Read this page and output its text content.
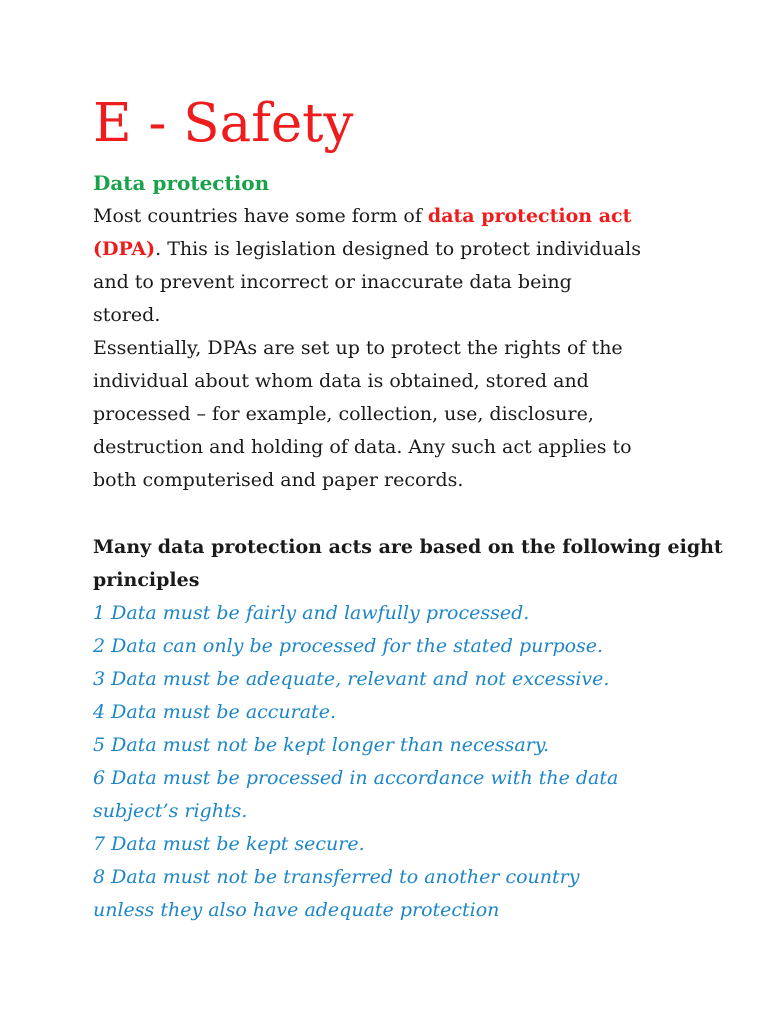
E - Safety
Data protection

Most countries have some form of data protection act

(DPA). This is legislation designed to protect individuals

and to prevent incorrect or inaccurate data being

stored.

Essentially, DPAs are set up to protect the rights of the

individual about whom data is obtained, stored and

processed – for example, collection, use, disclosure,

destruction and holding of data. Any such act applies to

both computerised and paper records.

Many data protection acts are based on the following eight

principles

1 Data must be fairly and lawfully processed.

2 Data can only be processed for the stated purpose.

3 Data must be adequate, relevant and not excessive.

4 Data must be accurate.

5 Data must not be kept longer than necessary.

6 Data must be processed in accordance with the data

subject’s rights.

7 Data must be kept secure.

8 Data must not be transferred to another country

unless they also have adequate protection
